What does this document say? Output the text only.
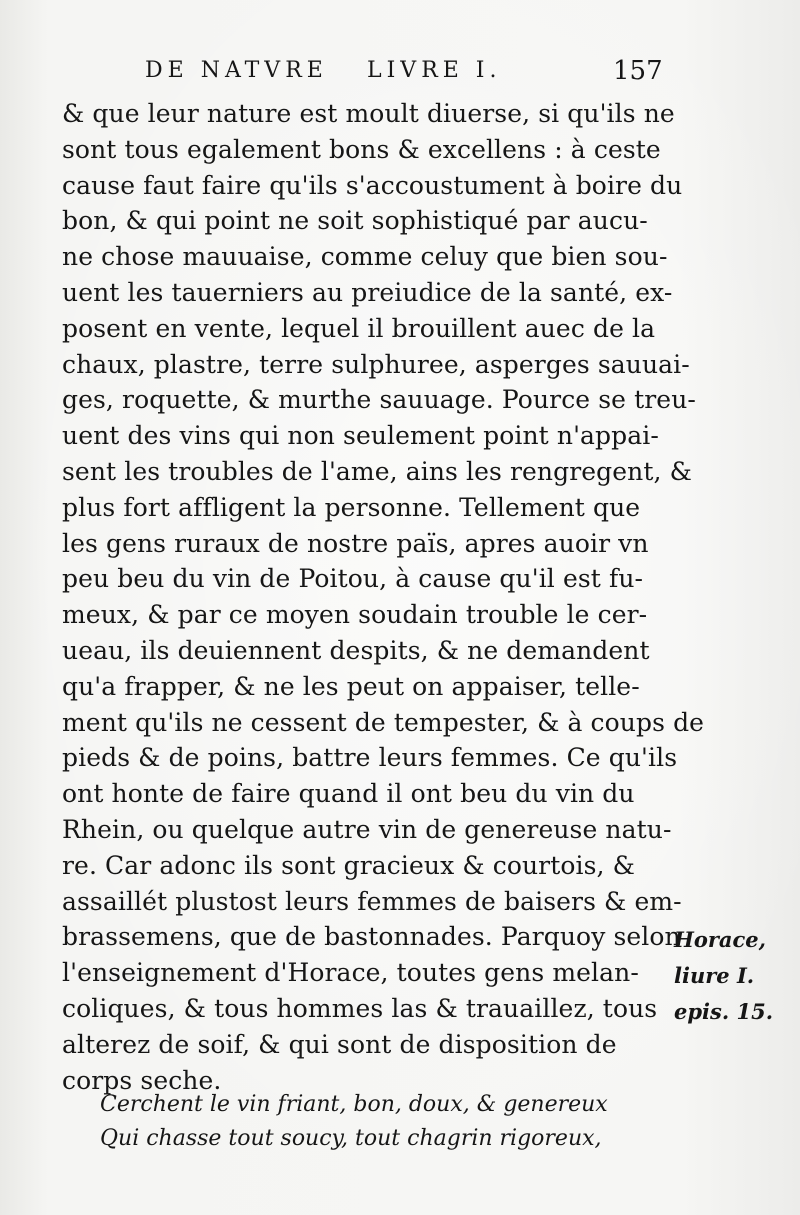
DE NATVRE LIVRE I.	157
& que leur nature est moult diuerse, si qu'ils ne
sont tous egalement bons & excellens : à ceste
cause faut faire qu'ils s'accoustument à boire du
bon, & qui point ne soit sophistiqué par aucu-
ne chose mauuaise, comme celuy que bien sou-
uent les tauerniers au preiudice de la santé, ex-
posent en vente, lequel il brouillent auec de la
chaux, plastre, terre sulphuree, asperges sauuai-
ges, roquette, & murthe sauuage. Pource se treu-
uent des vins qui non seulement point n'appai-
sent les troubles de l'ame, ains les rengregent, &
plus fort affligent la personne. Tellement que
les gens ruraux de nostre païs, apres auoir vn
peu beu du vin de Poitou, à cause qu'il est fu-
meux, & par ce moyen soudain trouble le cer-
ueau, ils deuiennent despits, & ne demandent
qu'a frapper, & ne les peut on appaiser, telle-
ment qu'ils ne cessent de tempester, & à coups de
pieds & de poins, battre leurs femmes. Ce qu'ils
ont honte de faire quand il ont beu du vin du
Rhein, ou quelque autre vin de genereuse natu-
re. Car adonc ils sont gracieux & courtois, &
assaillét plustost leurs femmes de baisers & em-
brassemens, que de bastonnades. Parquoy selon
l'enseignement d'Horace, toutes gens melan-
coliques, & tous hommes las & trauaillez, tous
alterez de soif, & qui sont de disposition de
corps seche.
Horace,
liure I.
epis. 15.
Cerchent le vin friant, bon, doux, & genereux
Qui chasse tout soucy, tout chagrin rigoreux,
